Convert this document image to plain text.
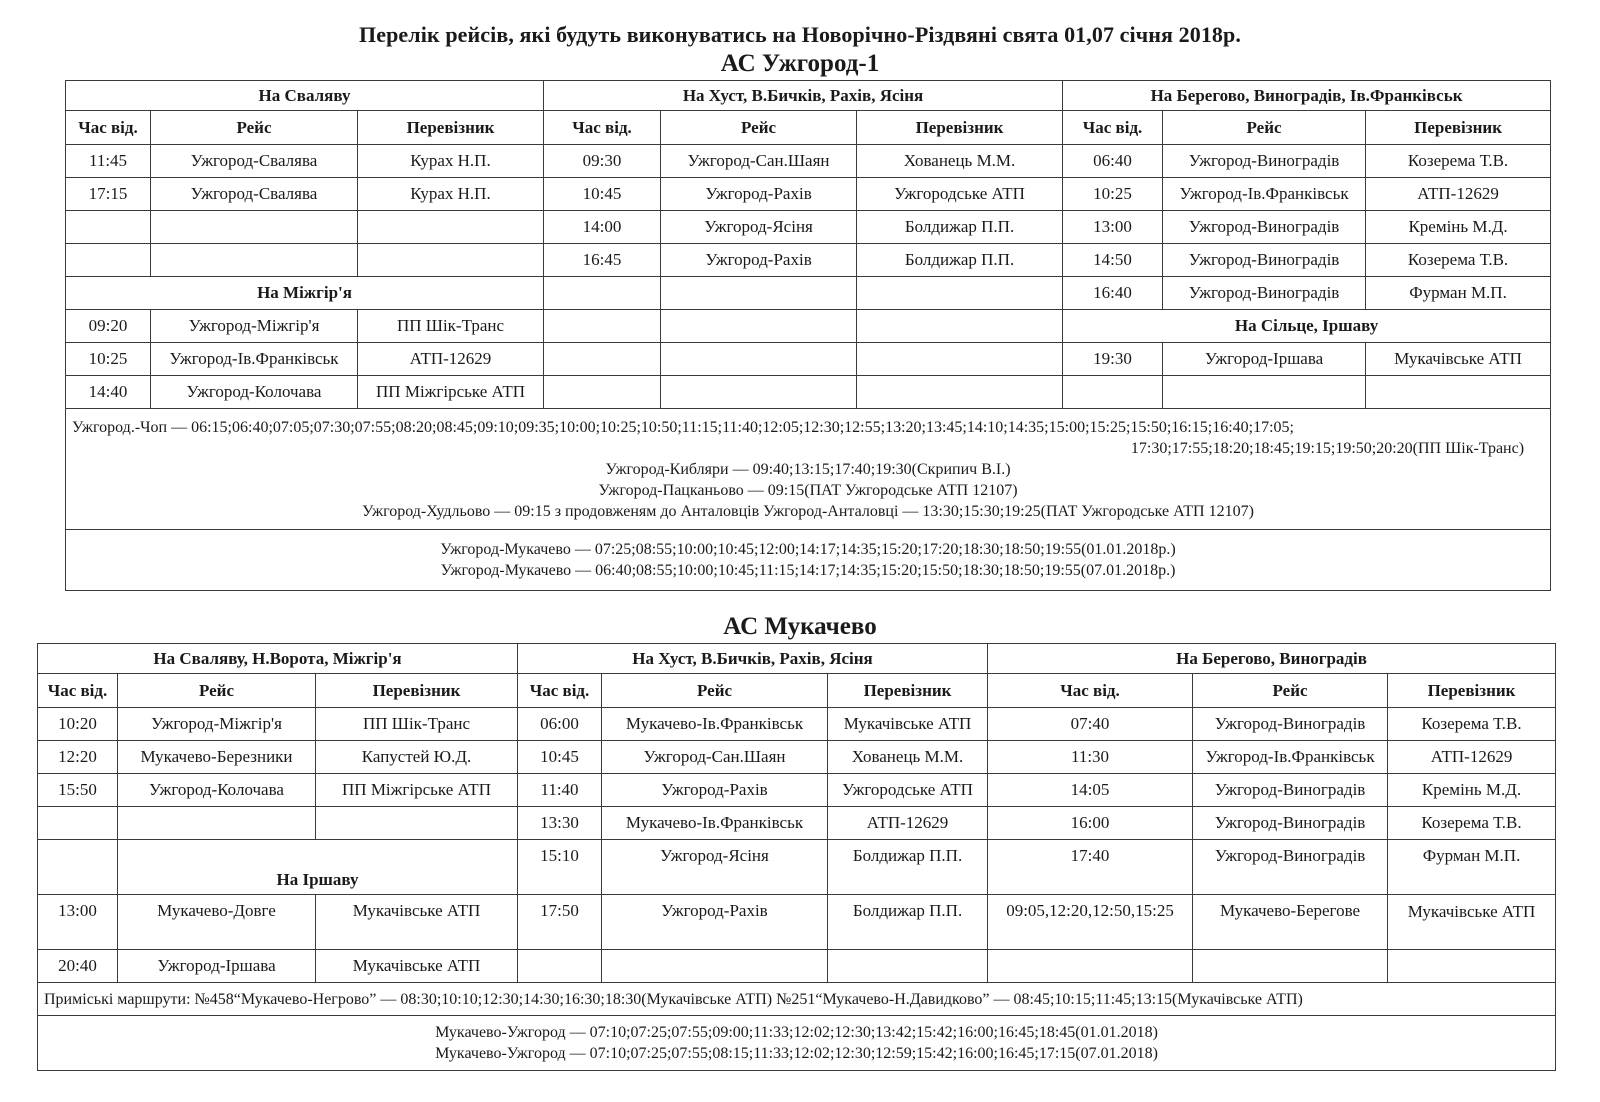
Перелік рейсів, які будуть виконуватись на Новорічно-Різдвяні свята 01,07 січня 2018р.
АС Ужгород-1
На Сваляву			На Хуст, В.Бичків, Рахів, Ясіня			На Берегово, Виноградів, Ів.Франківськ		
Час від.	Рейс	Перевізник	Час від.	Рейс	Перевізник	Час від.	Рейс	Перевізник
11:45	Ужгород-Свалява	Курах Н.П.	09:30	Ужгород-Сан.Шаян	Хованець М.М.	06:40	Ужгород-Виноградів	Козерема Т.В.
17:15	Ужгород-Свалява	Курах Н.П.	10:45	Ужгород-Рахів	Ужгородське АТП	10:25	Ужгород-Ів.Франківськ	АТП-12629
			14:00	Ужгород-Ясіня	Болдижар П.П.	13:00	Ужгород-Виноградів	Кремінь М.Д.
			16:45	Ужгород-Рахів	Болдижар П.П.	14:50	Ужгород-Виноградів	Козерема Т.В.
На Міжгір'я						16:40	Ужгород-Виноградів	Фурман М.П.
09:20	Ужгород-Міжгір'я	ПП Шік-Транс				На Сільце, Іршаву		
10:25	Ужгород-Ів.Франківськ	АТП-12629				19:30	Ужгород-Іршава	Мукачівське АТП
14:40	Ужгород-Колочава	ПП Міжгірське АТП						

Ужгород.-Чоп — 06:15;06:40;07:05;07:30;07:55;08:20;08:45;09:10;09:35;10:00;10:25;10:50;11:15;11:40;12:05;12:30;12:55;13:20;13:45;14:10;14:35;15:00;15:25;15:50;16:15;16:40;17:05;
17:30;17:55;18:20;18:45;19:15;19:50;20:20(ПП Шік-Транс)
Ужгород-Кибляри — 09:40;13:15;17:40;19:30(Скрипич В.І.)
Ужгород-Пацканьово — 09:15(ПАТ Ужгородське АТП 12107)
Ужгород-Худльово — 09:15 з продовженям до Анталовців Ужгород-Анталовці — 13:30;15:30;19:25(ПАТ Ужгородське АТП 12107)								

Ужгород-Мукачево — 07:25;08:55;10:00;10:45;12:00;14:17;14:35;15:20;17:20;18:30;18:50;19:55(01.01.2018р.)
Ужгород-Мукачево — 06:40;08:55;10:00;10:45;11:15;14:17;14:35;15:20;15:50;18:30;18:50;19:55(07.01.2018р.)								
АС Мукачево
На Сваляву, Н.Ворота, Міжгір'я			На Хуст, В.Бичків, Рахів, Ясіня			На Берегово, Виноградів		
Час від.	Рейс	Перевізник	Час від.	Рейс	Перевізник	Час від.	Рейс	Перевізник
10:20	Ужгород-Міжгір'я	ПП Шік-Транс	06:00	Мукачево-Ів.Франківськ	Мукачівське АТП	07:40	Ужгород-Виноградів	Козерема Т.В.
12:20	Мукачево-Березники	Капустей Ю.Д.	10:45	Ужгород-Сан.Шаян	Хованець М.М.	11:30	Ужгород-Ів.Франківськ	АТП-12629
15:50	Ужгород-Колочава	ПП Міжгірське АТП	11:40	Ужгород-Рахів	Ужгородське АТП	14:05	Ужгород-Виноградів	Кремінь М.Д.
			13:30	Мукачево-Ів.Франківськ	АТП-12629	16:00	Ужгород-Виноградів	Козерема Т.В.
	На Іршаву		15:10	Ужгород-Ясіня	Болдижар П.П.	17:40	Ужгород-Виноградів	Фурман М.П.
13:00	Мукачево-Довге	Мукачівське АТП	17:50	Ужгород-Рахів	Болдижар П.П.	09:05,12:20,12:50,15:25	Мукачево-Берегове	Мукачівське АТП
20:40	Ужгород-Іршава	Мукачівське АТП						
Приміські маршрути: №458“Мукачево-Негрово” — 08:30;10:10;12:30;14:30;16:30;18:30(Мукачівське АТП) №251“Мукачево-Н.Давидково” — 08:45;10:15;11:45;13:15(Мукачівське АТП)								

Мукачево-Ужгород — 07:10;07:25;07:55;09:00;11:33;12:02;12:30;13:42;15:42;16:00;16:45;18:45(01.01.2018)
Мукачево-Ужгород — 07:10;07:25;07:55;08:15;11:33;12:02;12:30;12:59;15:42;16:00;16:45;17:15(07.01.2018)								
